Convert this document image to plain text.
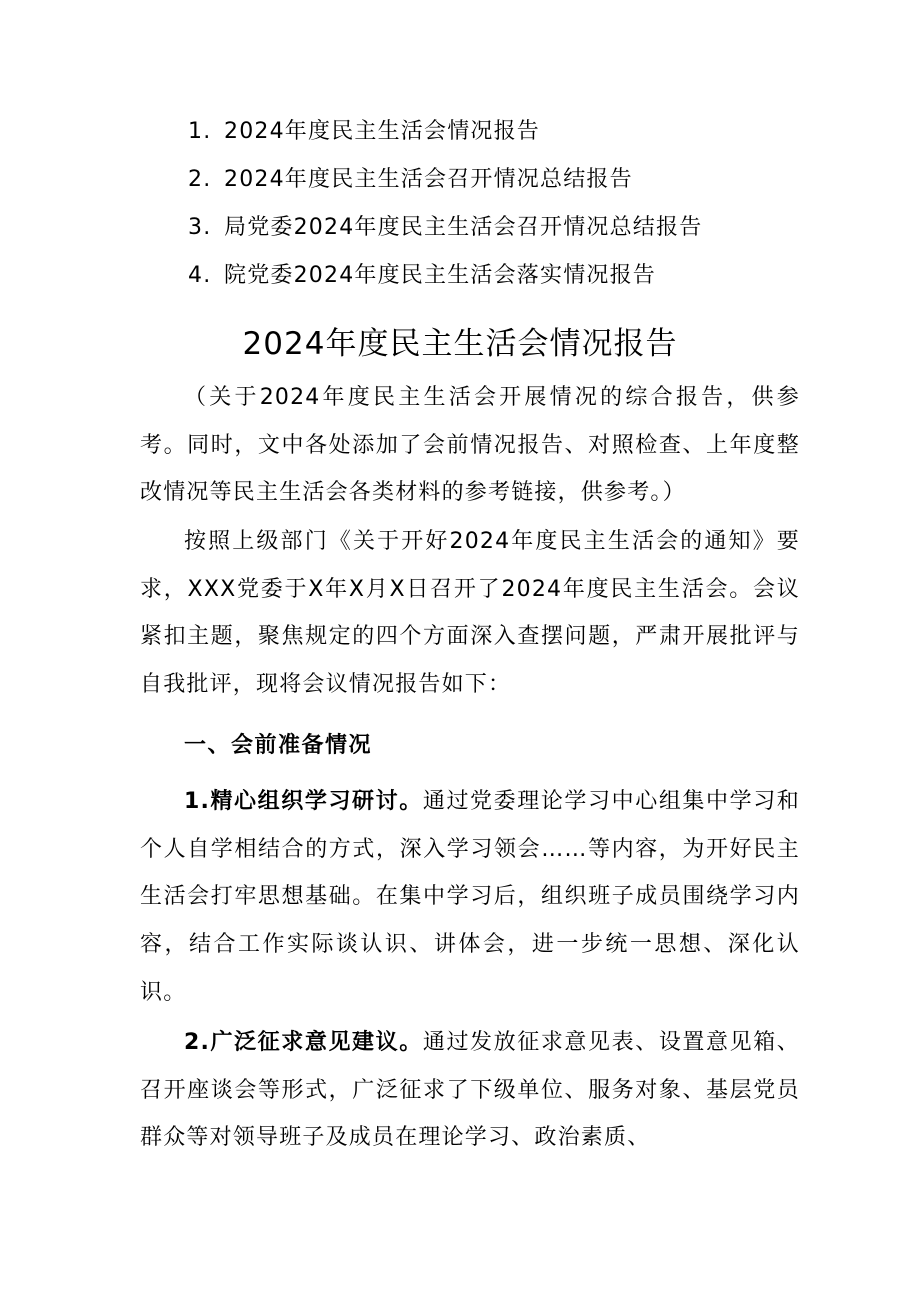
1. 2024年度民主生活会情况报告
2. 2024年度民主生活会召开情况总结报告
3. 局党委2024年度民主生活会召开情况总结报告
4. 院党委2024年度民主生活会落实情况报告
2024年度民主生活会情况报告

（关于2024年度民主生活会开展情况的综合报告，供参考。同时，文中各处添加了会前情况报告、对照检查、上年度整改情况等民主生活会各类材料的参考链接，供参考。）

按照上级部门《关于开好2024年度民主生活会的通知》要求，XXX党委于X年X月X日召开了2024年度民主生活会。会议紧扣主题，聚焦规定的四个方面深入查摆问题，严肃开展批评与自我批评，现将会议情况报告如下：

一、会前准备情况

1.精心组织学习研讨。通过党委理论学习中心组集中学习和个人自学相结合的方式，深入学习领会……等内容，为开好民主生活会打牢思想基础。在集中学习后，组织班子成员围绕学习内容，结合工作实际谈认识、讲体会，进一步统一思想、深化认识。

2.广泛征求意见建议。通过发放征求意见表、设置意见箱、召开座谈会等形式，广泛征求了下级单位、服务对象、基层党员群众等对领导班子及成员在理论学习、政治素质、
